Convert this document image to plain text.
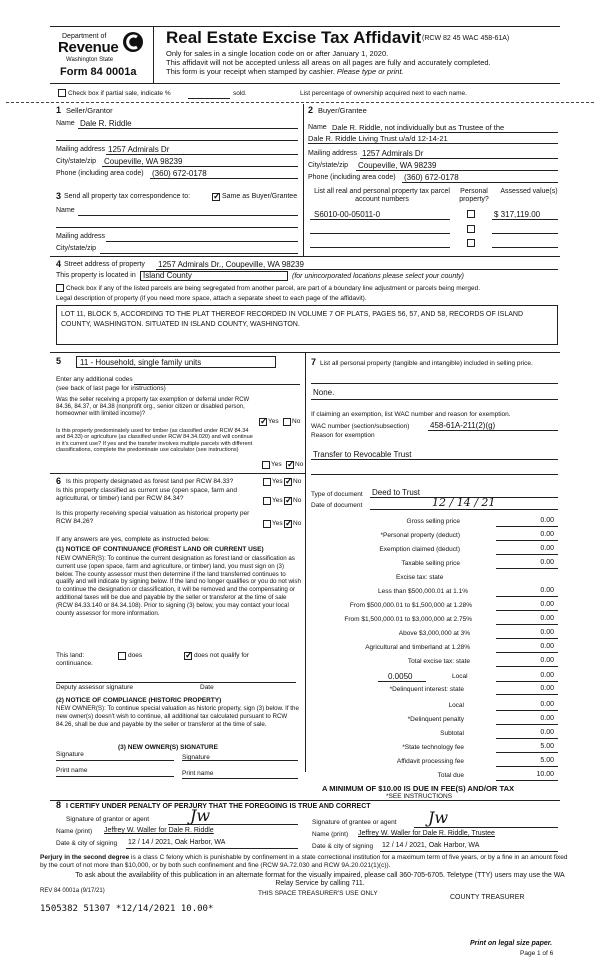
Department of
Revenue
Washington State
Form 84 0001a
Real Estate Excise Tax Affidavit (RCW 82 45 WAC 458-61A)
Only for sales in a single location code on or after January 1, 2020.
This affidavit will not be accepted unless all areas on all pages are fully and accurately completed.
This form is your receipt when stamped by cashier. Please type or print.
Check box if partial sale, indicate %	sold.	List percentage of ownership acquired next to each name.
1 Seller/Grantor
Name Dale R. Riddle
Mailing address 1257 Admirals Dr
City/state/zip Coupeville, WA 98239
Phone (including area code) (360) 672-0178
2 Buyer/Grantee
Name Dale R. Riddle, not individually but as Trustee of the
Dale R. Riddle Living Trust u/a/d 12-14-21
Mailing address 1257 Admirals Dr
City/state/zip Coupeville, WA 98239
Phone (including area code) (360) 672-0178
3 Send all property tax correspondence to: ✓	Same as Buyer/Grantee
Name
Mailing address
City/state/zip
List all real and personal property tax parcel account numbers
Personal property?
Assessed value(s)
S6010-00-05011-0	$ 317,119.00
4 Street address of property 1257 Admirals Dr., Coupeville, WA 98239
This property is located in Island County	(for unincorporated locations please select your county)
Check box if any of the listed parcels are being segregated from another parcel, are part of a boundary line adjustment or parcels being merged.
Legal description of property (if you need more space, attach a separate sheet to each page of the affidavit).
LOT 11, BLOCK 5, ACCORDING TO THE PLAT THEREOF RECORDED IN VOLUME 7 OF PLATS, PAGES 56, 57, AND 58, RECORDS OF ISLAND COUNTY, WASHINGTON. SITUATED IN ISLAND COUNTY, WASHINGTON.
5	11 - Household, single family units
Enter any additional codes
(see back of last page for instructions)
Was the seller receiving a property tax exemption or deferral under RCW 84.36, 84.37, or 84.38 (nonprofit org., senior citizen or disabled person, homeowner with limited income)?
✓
Yes No
Is this property predominately used for timber (as classified under RCW 84.34 and 84.33) or agriculture (as classified under RCW 84.34.020) and will continue in it's current use? If yes and the transfer involves multiple parcels with different classifications, complete the predominate use calculator (see instructions)
Yes ✓ No
6 Is this property designated as forest land per RCW 84.33?	Yes ✓ No
Is this property classified as current use (open space, farm and agricultural, or timber) land per RCW 84.34?	Yes ✓ No
Is this property receiving special valuation as historical property per RCW 84.26?	Yes ✓ No
If any answers are yes, complete as instructed below.
(1) NOTICE OF CONTINUANCE (FOREST LAND OR CURRENT USE)
NEW OWNER(S): To continue the current designation as forest land or classification as current use (open space, farm and agriculture, or timber) land, you must sign on (3) below. The county assessor must then determine if the land transferred continues to qualify and will indicate by signing below. If the land no longer qualifies or you do not wish to continue the designation or classification, it will be removed and the compensating or additional taxes will be due and payable by the seller or transferor at the time of sale (RCW 84.33.140 or 84.34.108). Prior to signing (3) below, you may contact your local county assessor for more information.
This land:	does ✓	does not qualify for
continuance.
Deputy assessor signature	Date
(2) NOTICE OF COMPLIANCE (HISTORIC PROPERTY)
NEW OWNER(S): To continue special valuation as historic property, sign (3) below. If the new owner(s) doesn't wish to continue, all additional tax calculated pursuant to RCW 84.26, shall be due and payable by the seller or transferor at the time of sale.
(3) NEW OWNER(S) SIGNATURE
Signature	Signature
Print name	Print name
7 List all personal property (tangible and intangible) included in selling price.
None.
If claiming an exemption, list WAC number and reason for exemption.
WAC number (section/subsection)	458-61A-211(2)(g)
Reason for exemption
Transfer to Revocable Trust
Type of document Deed to Trust
Date of document	12 / 14 / 21
Gross selling price	0.00
*Personal property (deduct)	0.00
Exemption claimed (deduct)	0.00
Taxable selling price	0.00
Excise tax: state
Less than $500,000.01 at 1.1%	0.00
From $500,000.01 to $1,500,000 at 1.28%	0.00
From $1,500,000.01 to $3,000,000 at 2.75%	0.00
Above $3,000,000 at 3%	0.00
Agricultural and timberland at 1.28%	0.00
Total excise tax: state	0.00
0.0050	Local	0.00
*Delinquent interest: state	0.00
Local	0.00
*Delinquent penalty	0.00
Subtotal	0.00
*State technology fee	5.00
Affidavit processing fee	5.00
Total due	10.00
A MINIMUM OF $10.00 IS DUE IN FEE(S) AND/OR TAX
*SEE INSTRUCTIONS
8 I CERTIFY UNDER PENALTY OF PERJURY THAT THE FOREGOING IS TRUE AND CORRECT
Signature of grantor or agent	Jw
Name (print) Jeffrey W. Waller for Dale R. Riddle
Date & city of signing 12 / 14 / 2021, Oak Harbor, WA
Signature of grantee or agent Jw
Name (print) Jeffrey W. Waller for Dale R. Riddle, Trustee
Date & city of signing 12 / 14 / 2021, Oak Harbor, WA
Perjury in the second degree is a class C felony which is punishable by confinement in a state correctional institution for a maximum term of five years, or by a fine in an amount fixed by the court of not more than $10,000, or by both such confinement and fine (RCW 9A.72.030 and RCW 9A.20.021(1)(c)).
To ask about the availability of this publication in an alternate format for the visually impaired, please call 360-705-6705. Teletype (TTY) users may use the WA Relay Service by calling 711.
REV 84 0001a (9/17/21)	THIS SPACE TREASURER'S USE ONLY
COUNTY TREASURER
1505382 51307 *12/14/2021 10.00*
Print on legal size paper.
Page 1 of 6
